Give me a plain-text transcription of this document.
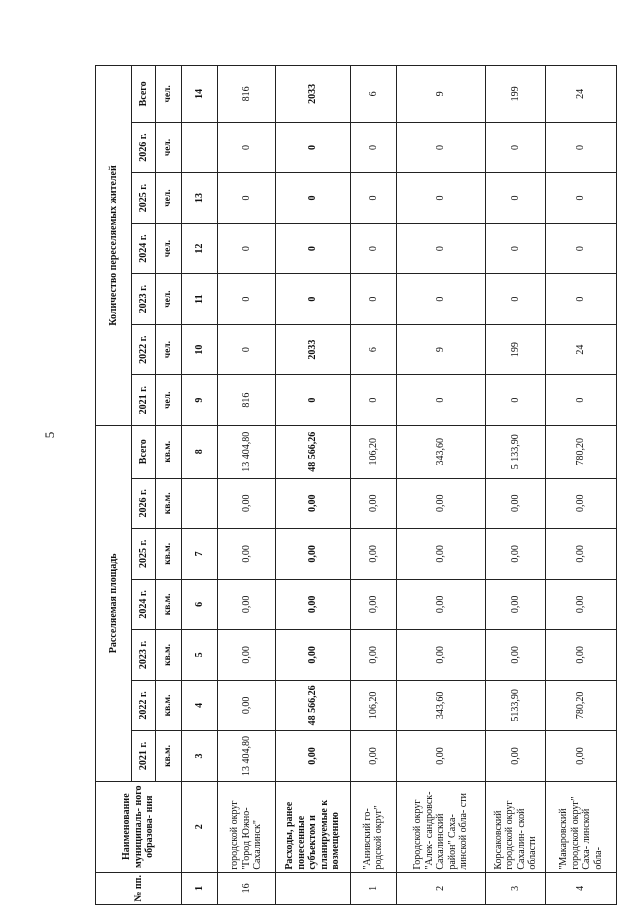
5
№ пп.	Наименование муниципаль- ного образова- ния	Расселяемая площадь							Количество переселяемых жителей						
		2021 г.	2022 г.	2023 г.	2024 г.	2025 г.	2026 г.	Всего	2021 г.	2022 г.	2023 г.	2024 г.	2025 г.	2026 г.	Всего
		кв.м.	кв.м.	кв.м.	кв.м.	кв.м.	кв.м.	кв.м.	чел.	чел.	чел.	чел.	чел.	чел.	чел.
1	2	3	4	5	6	7		8	9	10	11	12	13		14
16	городской округ "Город Южно- Сахалинск"	13 404,80	0,00	0,00	0,00	0,00	0,00	13 404,80	816	0	0	0	0	0	816
	Расходы, ранее понесенные субъектом и планируемые к возмещению	0,00	48 566,26	0,00	0,00	0,00	0,00	48 566,26	0	2033	0	0	0	0	2033
1	"Анивский го- родской округ"	0,00	106,20	0,00	0,00	0,00	0,00	106,20	0	6	0	0	0	0	6
2	Городской округ "Алек- сандровск- Сахалинский район" Саха- линской обла- сти	0,00	343,60	0,00	0,00	0,00	0,00	343,60	0	9	0	0	0	0	9
3	Корсаковский городской округ Сахалин- ской области	0,00	5133,90	0,00	0,00	0,00	0,00	5 133,90	0	199	0	0	0	0	199
4	"Макаровский городской округ" Саха- линской обла-	0,00	780,20	0,00	0,00	0,00	0,00	780,20	0	24	0	0	0	0	24
